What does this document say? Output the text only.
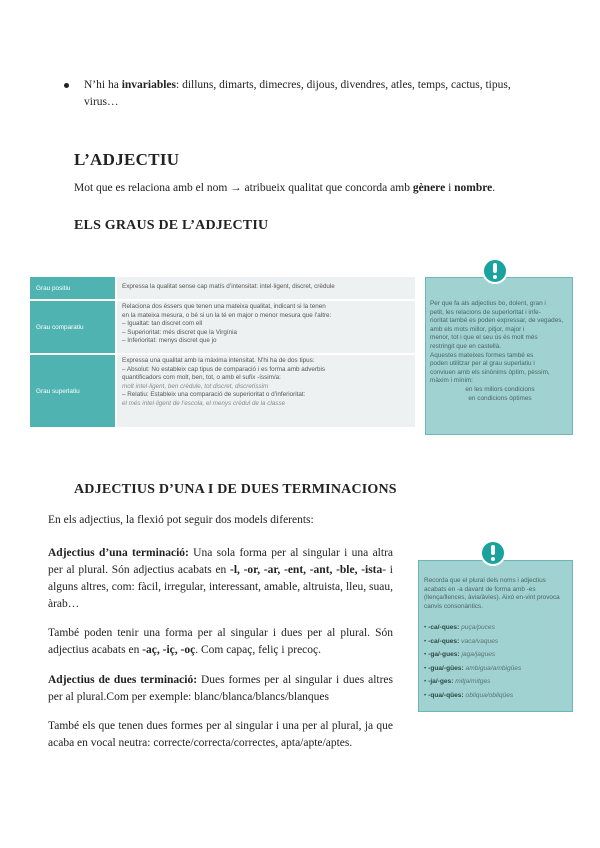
N’hi ha invariables: dilluns, dimarts, dimecres, dijous, divendres, atles, temps, cactus, tipus, virus…
L’ADJECTIU
Mot que es relaciona amb el nom → atribueix qualitat que concorda amb gènere i nombre.
ELS GRAUS DE L’ADJECTIU
Grau positiu	Expressa la qualitat sense cap matís d’intensitat: intel·ligent, discret, crèdule
Grau comparatiu
Relaciona dos éssers que tenen una mateixa qualitat, indicant si la tenen
en la mateixa mesura, o bé si un la té en major o menor mesura que l’altre:
– Igualtat: tan discret com ell
– Superioritat: més discret que la Virgínia
– Inferioritat: menys discret que jo
Grau superlatiu
Expressa una qualitat amb la màxima intensitat. N’hi ha de dos tipus:
– Absolut: No estableix cap tipus de comparació i es forma amb adverbis
quantificadors com molt, ben, tot, o amb el sufix -íssim/a:
molt intel·ligent, ben crèdule, tot discret, discretíssim
– Relatiu: Estableix una comparació de superioritat o d’inferioritat:
el més intel·ligent de l’escola, el menys crèdul de la classe
Per que fa als adjectius bo, dolent, gran i
petit, les relacions de superioritat i infe-
rioritat també es poden expressar, de vegades, amb els mots millor, pitjor, major i
menor, tot i que el seu ús és molt més
restringit que en castellà.
Aquestes mateixes formes també es
poden utilitzar per al grau superlatiu i
conviuen amb els sinònims òptim, pèssim, màxim i mínim:
en les millors condicions
en condicions òptimes
ADJECTIUS D’UNA I DE DUES TERMINACIONS
En els adjectius, la flexió pot seguir dos models diferents:
Adjectius d’una terminació: Una sola forma per al singular i una altra per al plural. Són adjectius acabats en -l, -or, -ar, -ent, -ant, -ble, -ista- i alguns altres, com: fàcil, irregular, interessant, amable, altruista, lleu, suau, àrab…
També poden tenir una forma per al singular i dues per al plural. Són adjectius acabats en -aç, -iç, -oç. Com capaç, feliç i precoç.
Adjectius de dues terminació: Dues formes per al singular i dues altres per al plural.Com per exemple: blanc/blanca/blancs/blanques
També els que tenen dues formes per al singular i una per al plural, ja que acaba en vocal neutra: correcte/correcta/correctes, apta/apte/aptes.
Recorda que el plural dels noms i adjectius acabats en -a davant de forma amb -es (llença/llences, àvia/àvies). Això en-vint provoca canvis consonàntics.
• -ca/-ques: puça/puces
• -ca/-ques: vaca/vaques
• -ga/-gues: jaga/jagues
• -gua/-gües: ambigua/ambigües
• -ja/-ges: mitja/mitges
• -qua/-qües: obliqua/obliqües
